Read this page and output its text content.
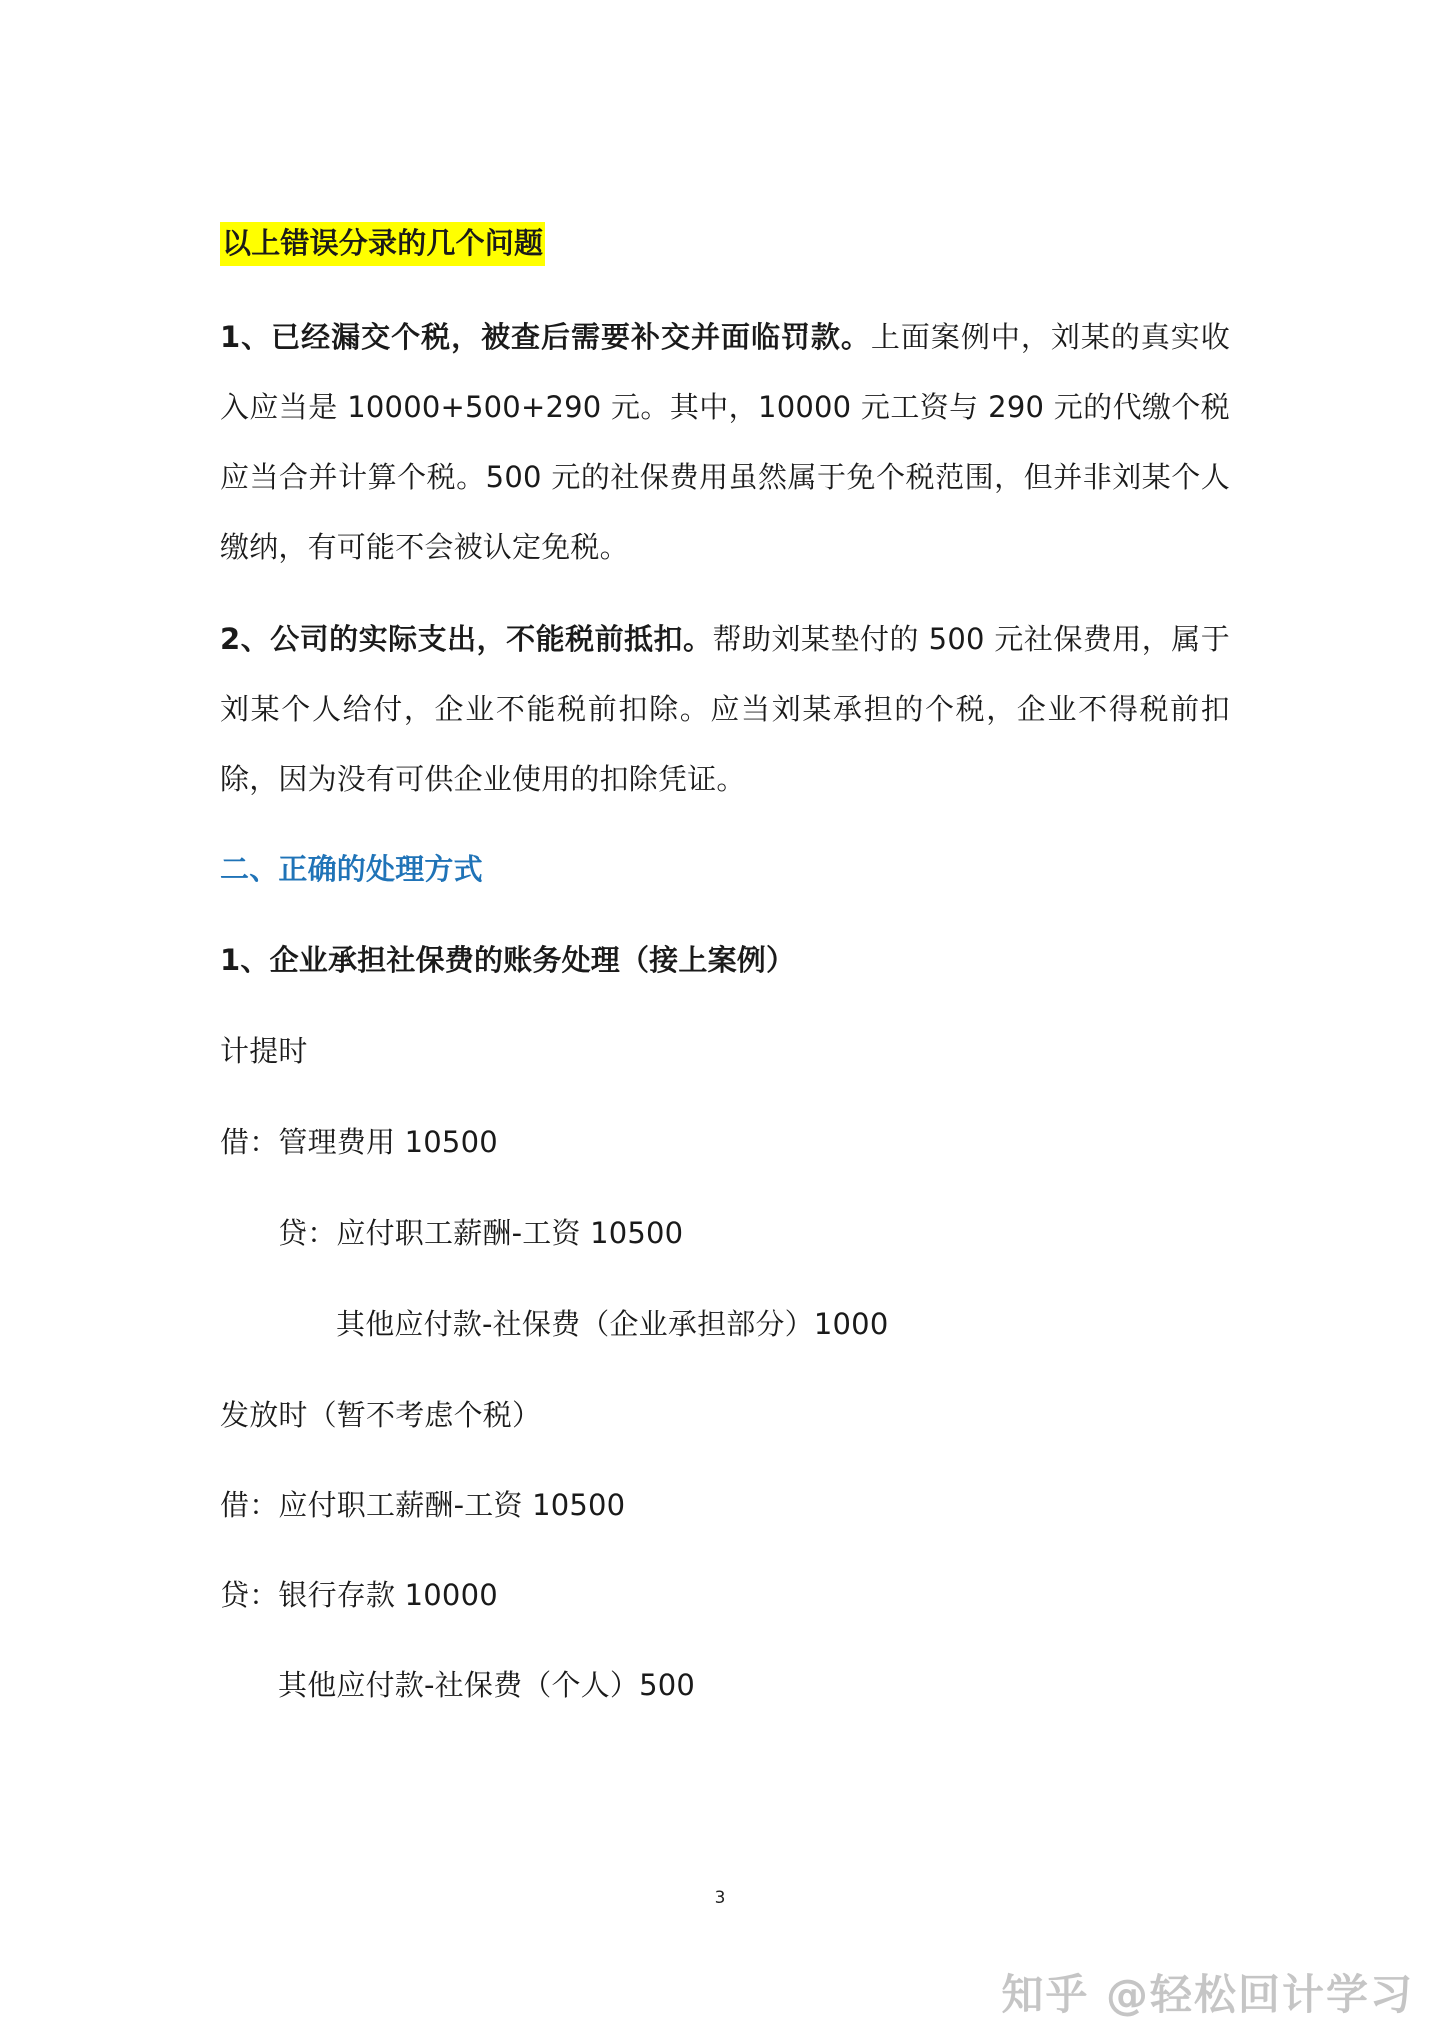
以上错误分录的几个问题

1、已经漏交个税，被查后需要补交并面临罚款。上面案例中，刘某的真实收入应当是 10000+500+290 元。其中，10000 元工资与 290 元的代缴个税应当合并计算个税。500 元的社保费用虽然属于免个税范围，但并非刘某个人缴纳，有可能不会被认定免税。

2、公司的实际支出，不能税前抵扣。帮助刘某垫付的 500 元社保费用，属于刘某个人给付，企业不能税前扣除。应当刘某承担的个税，企业不得税前扣除，因为没有可供企业使用的扣除凭证。

二、正确的处理方式

1、企业承担社保费的账务处理（接上案例）

计提时

借：管理费用 10500

贷：应付职工薪酬-工资 10500

其他应付款-社保费（企业承担部分）1000

发放时（暂不考虑个税）

借：应付职工薪酬-工资 10500

贷：银行存款 10000

其他应付款-社保费（个人）500

3
知乎 @轻松回计学习
